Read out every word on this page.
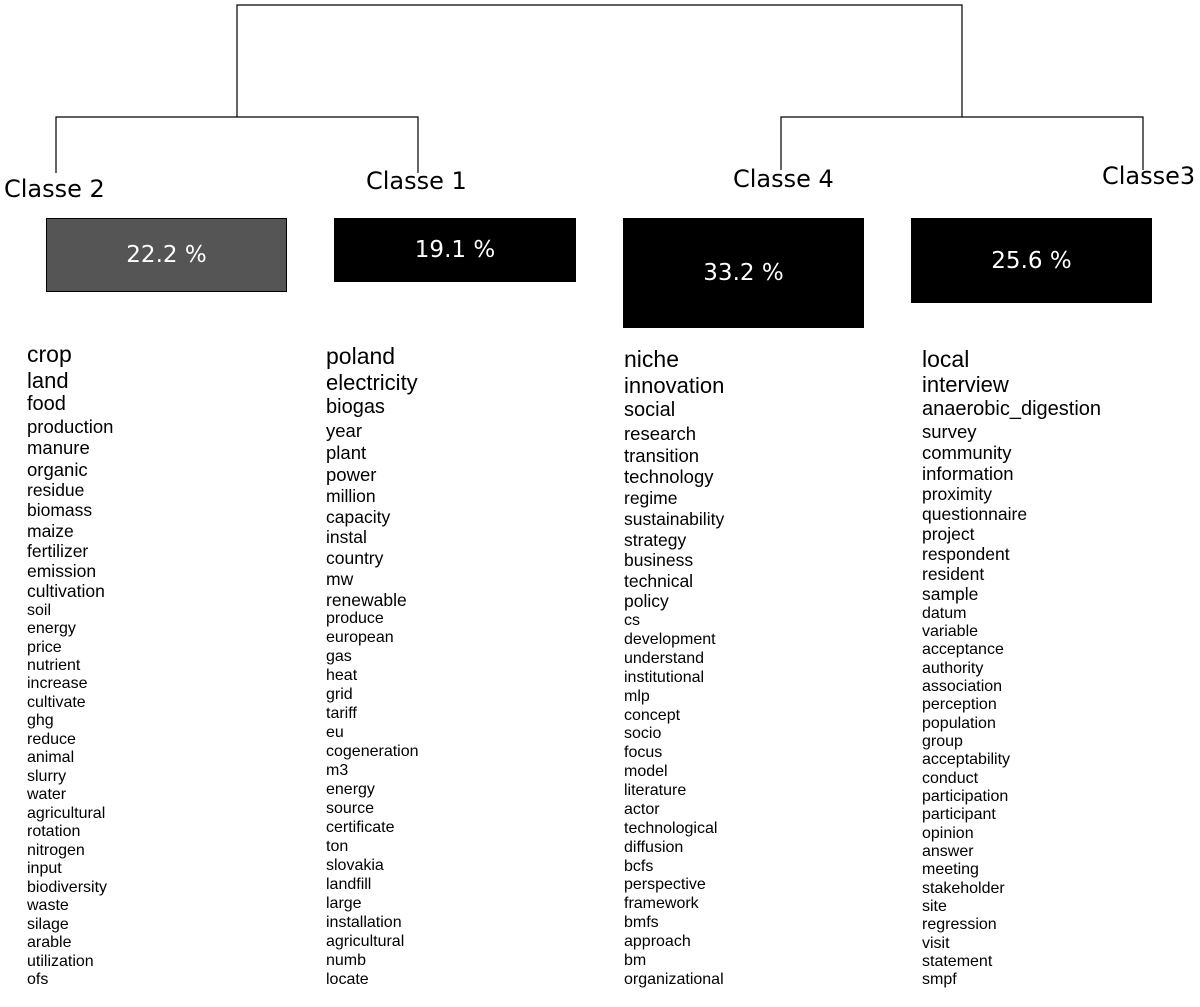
Classe 2
22.2 %
crop
land
food
production
manure
organic
residue
biomass
maize
fertilizer
emission
cultivation
soil
energy
price
nutrient
increase
cultivate
ghg
reduce
animal
slurry
water
agricultural
rotation
nitrogen
input
biodiversity
waste
silage
arable
utilization
ofs
Classe 1
19.1 %
poland
electricity
biogas
year
plant
power
million
capacity
instal
country
mw
renewable
produce
european
gas
heat
grid
tariff
eu
cogeneration
m3
energy
source
certificate
ton
slovakia
landfill
large
installation
agricultural
numb
locate
Classe 4
33.2 %
niche
innovation
social
research
transition
technology
regime
sustainability
strategy
business
technical
policy
cs
development
understand
institutional
mlp
concept
socio
focus
model
literature
actor
technological
diffusion
bcfs
perspective
framework
bmfs
approach
bm
organizational
Classe3
25.6 %
local
interview
anaerobic_digestion
survey
community
information
proximity
questionnaire
project
respondent
resident
sample
datum
variable
acceptance
authority
association
perception
population
group
acceptability
conduct
participation
participant
opinion
answer
meeting
stakeholder
site
regression
visit
statement
smpf
